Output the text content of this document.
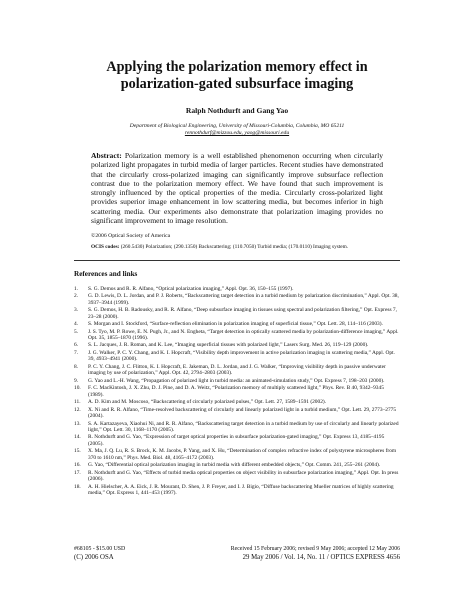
Applying the polarization memory effect in
polarization-gated subsurface imaging
Ralph Nothdurft and Gang Yao
Department of Biological Engineering, University of Missouri-Columbia, Columbia, MO 65211
rennothdurf@mizzou.edu, yaog@missouri.edu

Abstract: Polarization memory is a well established phenomenon occurring when circularly polarized light propagates in turbid media of larger particles. Recent studies have demonstrated that the circularly cross-polarized imaging can significantly improve subsurface reflection contrast due to the polarization memory effect. We have found that such improvement is strongly influenced by the optical properties of the media. Circularly cross-polarized light provides superior image enhancement in low scattering media, but becomes inferior in high scattering media. Our experiments also demonstrate that polarization imaging provides no significant improvement to image resolution.

©2006 Optical Society of America
OCIS codes: (260.5430) Polarization; (290.1350) Backscattering; (110.7050) Turbid media; (170.0110) Imaging system.
References and links
1.	S. G. Demos and R. R. Alfano, “Optical polarization imaging,” Appl. Opt. 36, 150–155 (1997).
2.	G. D. Lewis, D. L. Jordan, and P. J. Roberts, “Backscattering target detection in a turbid medium by polarization discrimination,” Appl. Opt. 38, 3937–3944 (1999).
3.	S. G. Demos, H. B. Radousky, and R. R. Alfano, “Deep subsurface imaging in tissues using spectral and polarization filtering,” Opt. Express 7, 23–28 (2000).
4.	S. Morgan and I. Stockford, “Surface-reflection elimination in polarization imaging of superficial tissue,” Opt. Lett. 28, 114–116 (2003).
5.	J. S. Tyo, M. P. Rowe, E. N. Pugh, Jr., and N. Engheta, “Target detection in optically scattered media by polarization-difference imaging,” Appl. Opt. 35, 1855–1870 (1996).
6.	S. L. Jacques, J. R. Roman, and K. Lee, “Imaging superficial tissues with polarized light,” Lasers Surg. Med. 26, 119–129 (2000).
7.	J. G. Walker, P. C. Y. Chang, and K. I. Hopcraft, “Visibility depth improvement in active polarization imaging in scattering media,” Appl. Opt. 39, 4933–4941 (2000).
8.	P. C. Y. Chang, J. C. Flitton, K. I. Hopcraft, E. Jakeman, D. L. Jordan, and J. G. Walker, “Improving visibility depth in passive underwater imaging by use of polarization,” Appl. Opt. 42, 2794–2803 (2003).
9.	G. Yao and L.-H. Wang, “Propagation of polarized light in turbid media: an animated-simulation study,” Opt. Express 7, 198–203 (2000).
10.	F. C. MacKintosh, J. X. Zhu, D. J. Pine, and D. A. Weitz, “Polarization memory of multiply scattered light,” Phys. Rev. B 40, 9342–9345 (1989).
11.	A. D. Kim and M. Moscoso, “Backscattering of circularly polarized pulses,” Opt. Lett. 27, 1589–1591 (2002).
12.	X. Ni and R. R. Alfano, “Time-resolved backscattering of circularly and linearly polarized light in a turbid medium,” Opt. Lett. 29, 2773–2775 (2004).
13.	S. A. Kartazayeva, Xiaohui Ni, and R. R. Alfano, “Backscattering target detection in a turbid medium by use of circularly and linearly polarized light,” Opt. Lett. 30, 1168–1170 (2005).
14.	R. Nothdurft and G. Yao, “Expression of target optical properties in subsurface polarization-gated imaging,” Opt. Express 13, 4185–4195 (2005).
15.	X. Ma, J. Q. Lu, R. S. Brock, K. M. Jacobs, P. Yang, and X. Hu, “Determination of complex refractive index of polystyrene microspheres from 370 to 1610 nm,” Phys. Med. Biol. 48, 4165–4172 (2003).
16.	G. Yao, “Differential optical polarization imaging in turbid media with different embedded objects,” Opt. Comm. 241, 255–261 (2004).
17.	R. Nothdurft and G. Yao, “Effects of turbid media optical properties on object visibility in subsurface polarization imaging,” Appl. Opt. In press (2006).
18.	A. H. Hielscher, A. A. Eick, J. R. Mourant, D. Shen, J. P. Freyer, and I. J. Bigio, “Diffuse backscattering Mueller matrices of highly scattering media,” Opt. Express 1, 441–453 (1997).
#68105 - $15.00 USD
(C) 2006 OSA
Received 15 February 2006; revised 9 May 2006; accepted 12 May 2006
29 May 2006 / Vol. 14, No. 11 / OPTICS EXPRESS 4656
